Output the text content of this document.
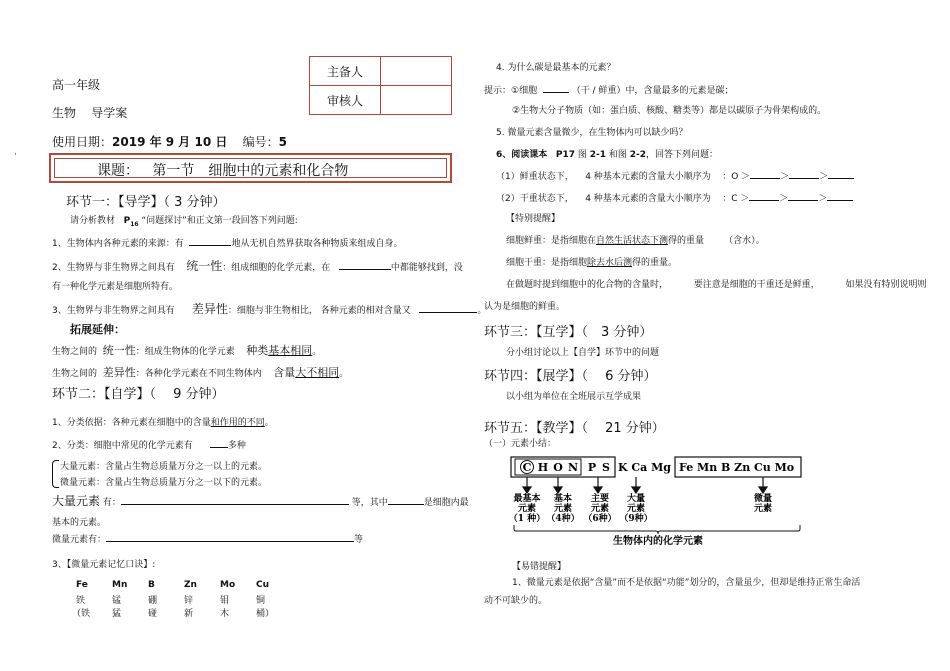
·
高一年级
生物 导学案
使用日期：2019 年 9 月 10 日 编号：5
主备人	
审核人	
课题： 第一节　细胞中的元素和化合物
环节一：【导学】（ 3 分钟）
请分析教材 $P_{16}$ “问题探讨”和正文第一段回答下列问题:
1、生物体内各种元素的来源：有	地从无机自然界获取各种物质来组成自身。
2、生物界与非生物界之间具有 统一性：组成细胞的化学元素，在	中都能够找到，没
有一种化学元素是细胞所特有。
3、生物界与非生物界之间具有 差异性：细胞与非生物相比， 各种元素的相对含量又	。
拓展延伸：
生物之间的 统一性：组成生物体的化学元素 种类基本相同。
生物之间的 差异性：各种化学元素在不同生物体内 含量大不相同。
环节二：【自学】（　 9 分钟）
1、分类依据：各种元素在细胞中的含量和作用的不同。
2、分类：细胞中常见的化学元素有	多种
大量元素：含量占生物总质量万分之一以上的元素。
微量元素：含量占生物总质量万分之一以下的元素。
大量元素 有：	等，其中	是细胞内最
基本的元素。
微量元素有：	等
3、【微量元素记忆口诀】:
Fe	Mn	B	Zn	Mo	Cu
铁	锰	硼	锌	钼	铜
（铁	猛	碰	新	木	桶）
4. 为什么碳是最基本的元素？
提示：①细胞	（干 / 鲜重）中，含量最多的元素是碳；
②生物大分子物质（如：蛋白质、核酸、糖类等）都是以碳原子为骨架构成的。
5. 微量元素含量微少，在生物体内可以缺少吗？
6、阅读课本 P17 图 2-1 和图 2-2，回答下列问题：
（1）鲜重状态下， 4 种基本元素的含量大小顺序为 ：O ＞	＞	＞
（2）干重状态下， 4 种基本元素的含量大小顺序为 ：C ＞	＞	＞
【特别提醒】
细胞鲜重：是指细胞在自然生活状态下测得的重量 （含水）。
细胞干重：是指细胞除去水后测得的重量。
在做题时提到细胞中的化合物的含量时，	要注意是细胞的干重还是鲜重，	如果没有特别说明则
认为是细胞的鲜重。
环节三：【互学】（　3 分钟）
分小组讨论以上【自学】环节中的问题
环节四：【展学】（　 6 分钟）
以小组为单位在全班展示互学成果
环节五：【教学】（　 21 分钟）
（一）元素小结：
C H O N P S K Ca Mg Fe Mn B Zn Cu Mo
最基本
元素
（1 种）
基本
元素
（4种）
主要
元素
（6种）
大量
元素
（9种）
微量
元素
生物体内的化学元素
【易错提醒】
1、微量元素是依据“含量”而不是依据“功能”划分的，含量虽少，但却是维持正常生命活
动不可缺少的。
